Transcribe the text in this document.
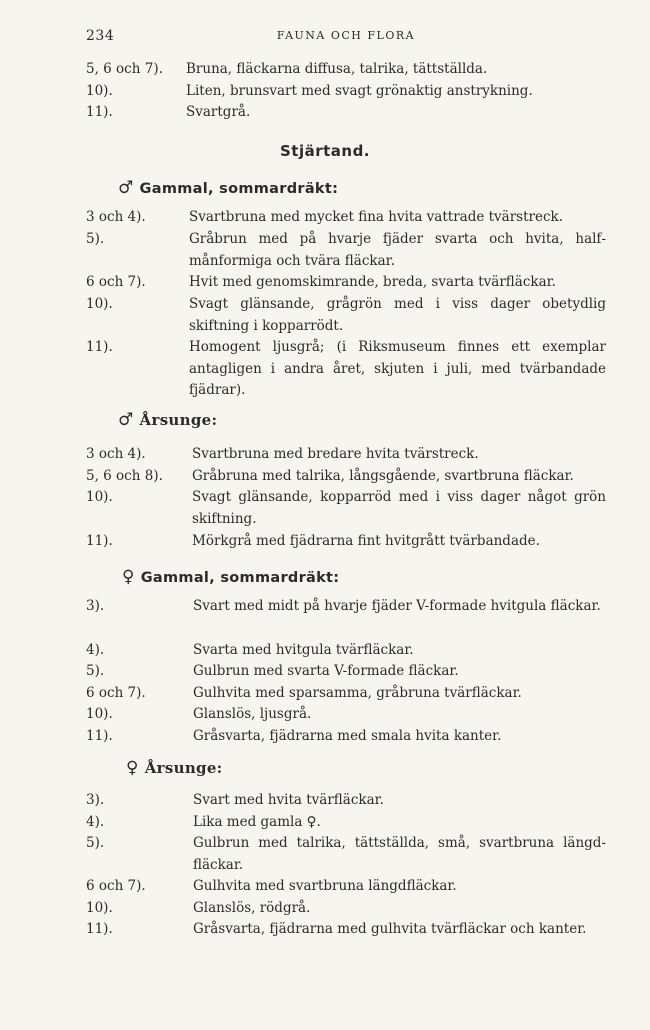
234	FAUNA OCH FLORA
5, 6 och 7). Bruna, fläckarna diffusa, talrika, tättställda.
10).	Liten, brunsvart med svagt grönaktig anstrykning.
11).	Svartgrå.
Stjärtand.
♂ Gammal, sommardräkt:
3 och 4).	Svartbruna med mycket fina hvita vattrade tvärstreck.
5).	Gråbrun med på hvarje fjäder svarta och hvita, halfmånformiga och tvära fläckar.
6 och 7).	Hvit med genomskimrande, breda, svarta tvärfläckar.
10).	Svagt glänsande, grågrön med i viss dager obetydlig skiftning i kopparrödt.
11).	Homogent ljusgrå; (i Riksmuseum finnes ett exemplar antagligen i andra året, skjuten i juli, med tvärbandade fjädrar).
♂ Årsunge:
3 och 4).	Svartbruna med bredare hvita tvärstreck.
5, 6 och 8). Gråbruna med talrika, långsgående, svartbruna fläckar.
10).	Svagt glänsande, kopparröd med i viss dager något grön skiftning.
11).	Mörkgrå med fjädrarna fint hvitgrått tvärbandade.
♀ Gammal, sommardräkt:
3).	Svart med midt på hvarje fjäder V-formade hvitgula fläckar.
4).	Svarta med hvitgula tvärfläckar.
5).	Gulbrun med svarta V-formade fläckar.
6 och 7).	Gulhvita med sparsamma, gråbruna tvärfläckar.
10).	Glanslös, ljusgrå.
11).	Gråsvarta, fjädrarna med smala hvita kanter.
♀ Årsunge:
3).	Svart med hvita tvärfläckar.
4).	Lika med gamla ♀.
5).	Gulbrun med talrika, tättställda, små, svartbruna längdfläckar.
6 och 7).	Gulhvita med svartbruna längdfläckar.
10).	Glanslös, rödgrå.
11).	Gråsvarta, fjädrarna med gulhvita tvärfläckar och kanter.
